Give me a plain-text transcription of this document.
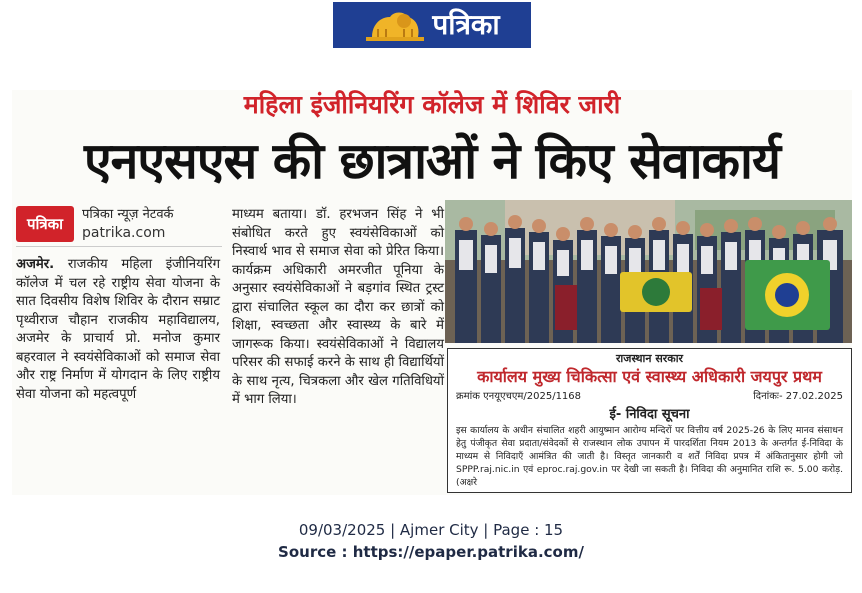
पत्रिका
महिला इंजीनियरिंग कॉलेज में शिविर जारी
एनएसएस की छात्राओं ने किए सेवाकार्य
पत्रिका
पत्रिका न्यूज़ नेटवर्क
patrika.com
अजमेर. राजकीय महिला इंजीनियरिंग कॉलेज में चल रहे राष्ट्रीय सेवा योजना के सात दिवसीय विशेष शिविर के दौरान सम्राट पृथ्वीराज चौहान राजकीय महाविद्यालय, अजमेर के प्राचार्य प्रो. मनोज कुमार बहरवाल ने स्वयंसेविकाओं को समाज सेवा और राष्ट्र निर्माण में योगदान के लिए राष्ट्रीय सेवा योजना को महत्वपूर्ण
माध्यम बताया। डॉ. हरभजन सिंह ने भी संबोधित करते हुए स्वयंसेविकाओं को निस्वार्थ भाव से समाज सेवा को प्रेरित किया। कार्यक्रम अधिकारी अमरजीत पूनिया के अनुसार स्वयंसेविकाओं ने बड़गांव स्थित ट्रस्ट द्वारा संचालित स्कूल का दौरा कर छात्रों को शिक्षा, स्वच्छता और स्वास्थ्य के बारे में जागरूक किया। स्वयंसेविकाओं ने विद्यालय परिसर की सफाई करने के साथ ही विद्यार्थियों के साथ नृत्य, चित्रकला और खेल गतिविधियों में भाग लिया।
राजस्थान सरकार
कार्यालय मुख्य चिकित्सा एवं स्वास्थ्य अधिकारी जयपुर प्रथम
क्रमांक एनयूएचएम/2025/1168	दिनांकः- 27.02.2025
ई- निविदा सूचना
इस कार्यालय के अधीन संचालित शहरी आयुष्मान आरोग्य मन्दिरों पर वित्तीय वर्ष 2025-26 के लिए मानव संसाधन हेतु पंजीकृत सेवा प्रदाता/संवेदकों से राजस्थान लोक उपापन में पारदर्शिता नियम 2013 के अन्तर्गत ई-निविदा के माध्यम से निविदाएँ आमंत्रित की जाती है। विस्तृत जानकारी व शर्तें निविदा प्रपत्र में अंकितानुसार होगी जो SPPP.raj.nic.in एवं eproc.raj.gov.in पर देखी जा सकती है। निविदा की अनुमानित राशि रू. 5.00 करोड़. (अक्षरे
09/03/2025 | Ajmer City | Page : 15
Source : https://epaper.patrika.com/
